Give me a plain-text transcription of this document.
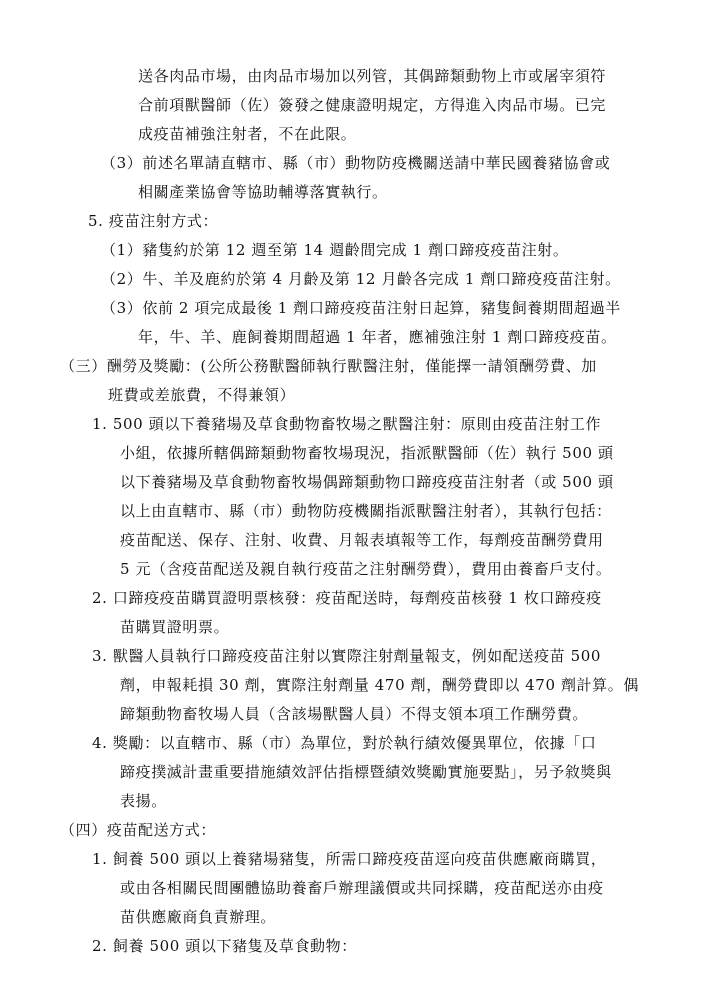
送各肉品市場，由肉品市場加以列管，其偶蹄類動物上市或屠宰須符
合前項獸醫師（佐）簽發之健康證明規定，方得進入肉品市場。已完
成疫苗補強注射者，不在此限。
（3）前述名單請直轄市、縣（市）動物防疫機關送請中華民國養豬協會或
相關產業協會等協助輔導落實執行。
5. 疫苗注射方式：
（1）豬隻約於第 12 週至第 14 週齡間完成 1 劑口蹄疫疫苗注射。
（2）牛、羊及鹿約於第 4 月齡及第 12 月齡各完成 1 劑口蹄疫疫苗注射。
（3）依前 2 項完成最後 1 劑口蹄疫疫苗注射日起算，豬隻飼養期間超過半
年，牛、羊、鹿飼養期間超過 1 年者，應補強注射 1 劑口蹄疫疫苗。
（三）酬勞及獎勵：(公所公務獸醫師執行獸醫注射，僅能擇一請領酬勞費、加
班費或差旅費，不得兼領）
1. 500 頭以下養豬場及草食動物畜牧場之獸醫注射：原則由疫苗注射工作
小組，依據所轄偶蹄類動物畜牧場現況，指派獸醫師（佐）執行 500 頭
以下養豬場及草食動物畜牧場偶蹄類動物口蹄疫疫苗注射者（或 500 頭
以上由直轄市、縣（市）動物防疫機關指派獸醫注射者），其執行包括：
疫苗配送、保存、注射、收費、月報表填報等工作，每劑疫苗酬勞費用
5 元（含疫苗配送及親自執行疫苗之注射酬勞費），費用由養畜戶支付。
2. 口蹄疫疫苗購買證明票核發：疫苗配送時，每劑疫苗核發 1 枚口蹄疫疫
苗購買證明票。
3. 獸醫人員執行口蹄疫疫苗注射以實際注射劑量報支，例如配送疫苗 500
劑，申報耗損 30 劑，實際注射劑量 470 劑，酬勞費即以 470 劑計算。偶
蹄類動物畜牧場人員（含該場獸醫人員）不得支領本項工作酬勞費。
4. 獎勵：以直轄市、縣（市）為單位，對於執行績效優異單位，依據「口
蹄疫撲滅計畫重要措施績效評估指標暨績效獎勵實施要點」，另予敘獎與
表揚。
（四）疫苗配送方式：
1. 飼養 500 頭以上養豬場豬隻，所需口蹄疫疫苗逕向疫苗供應廠商購買，
或由各相關民間團體協助養畜戶辦理議價或共同採購，疫苗配送亦由疫
苗供應廠商負責辦理。
2. 飼養 500 頭以下豬隻及草食動物：
